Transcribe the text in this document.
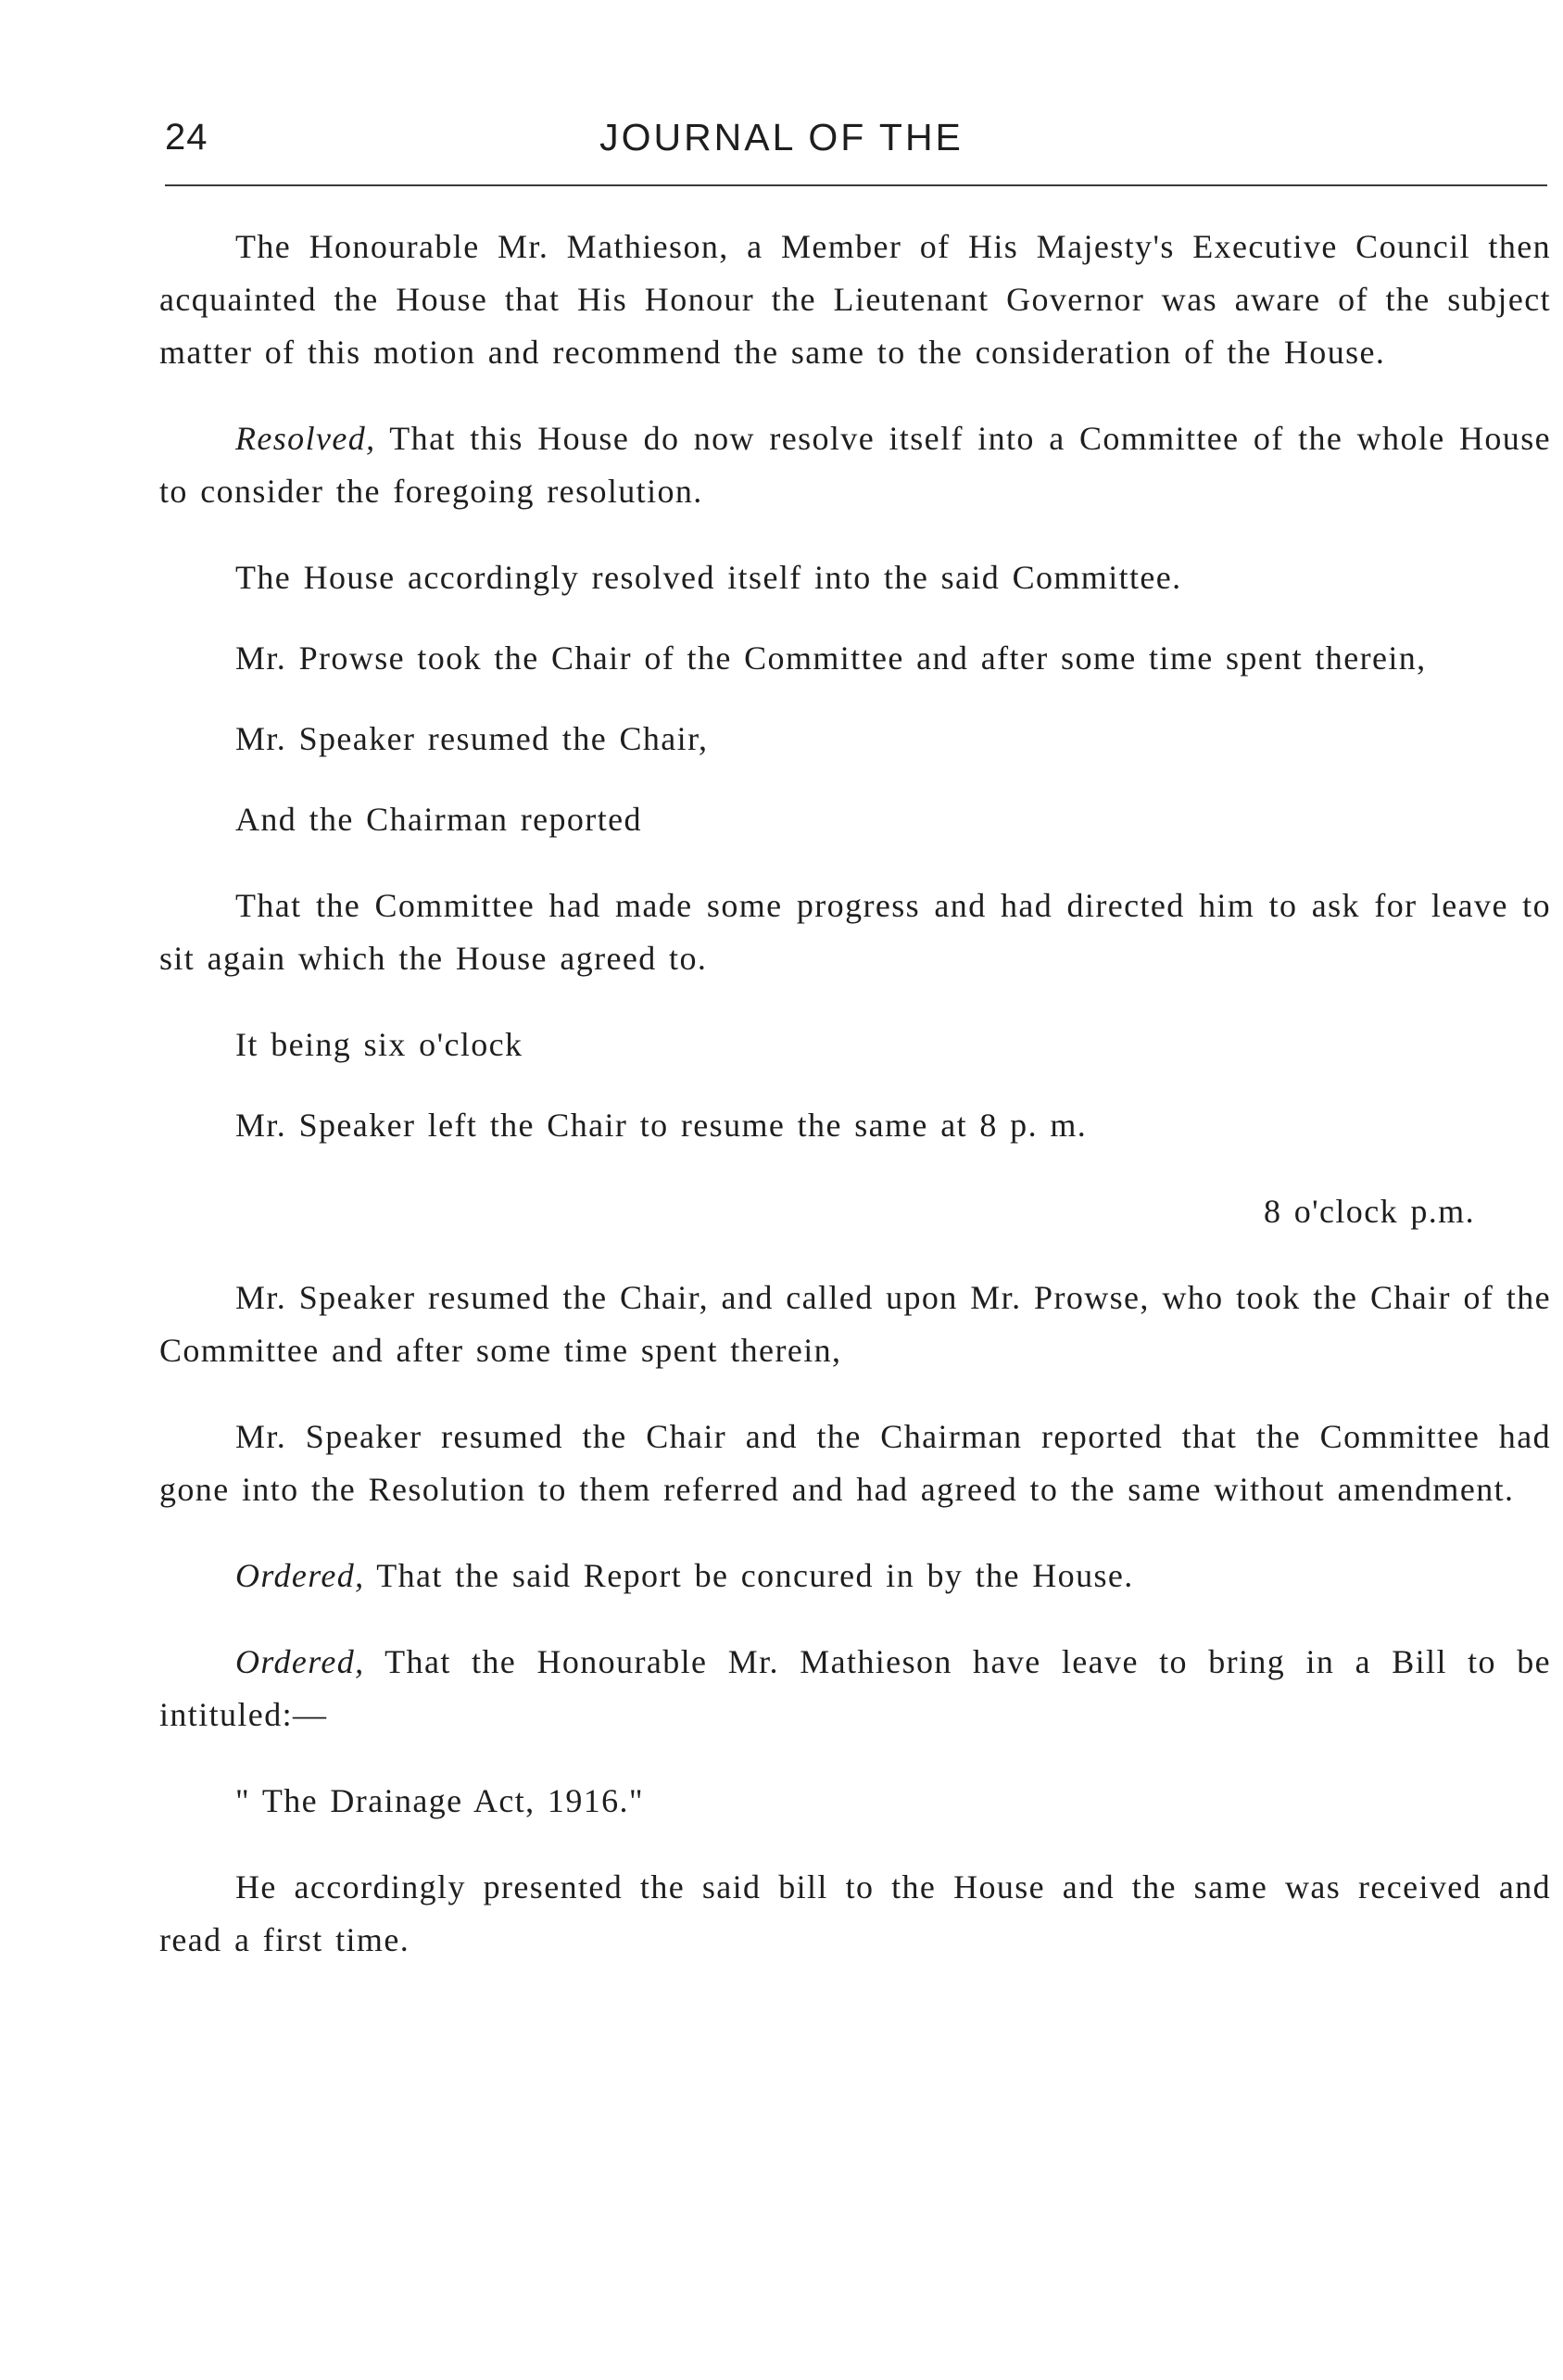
24	JOURNAL OF THE

The Honourable Mr. Mathieson, a Member of His Majesty's Executive Council then acquainted the House that His Honour the Lieutenant Governor was aware of the subject matter of this motion and recommend the same to the consideration of the House.

Resolved, That this House do now resolve itself into a Committee of the whole House to consider the foregoing resolution.

The House accordingly resolved itself into the said Committee.

Mr. Prowse took the Chair of the Committee and after some time spent therein,

Mr. Speaker resumed the Chair,

And the Chairman reported

That the Committee had made some progress and had directed him to ask for leave to sit again which the House agreed to.

It being six o'clock

Mr. Speaker left the Chair to resume the same at 8 p. m.

8 o'clock p.m.

Mr. Speaker resumed the Chair, and called upon Mr. Prowse, who took the Chair of the Committee and after some time spent therein,

Mr. Speaker resumed the Chair and the Chairman reported that the Committee had gone into the Resolution to them referred and had agreed to the same without amendment.

Ordered, That the said Report be concured in by the House.

Ordered, That the Honourable Mr. Mathieson have leave to bring in a Bill to be intituled:—

" The Drainage Act, 1916."

He accordingly presented the said bill to the House and the same was received and read a first time.
